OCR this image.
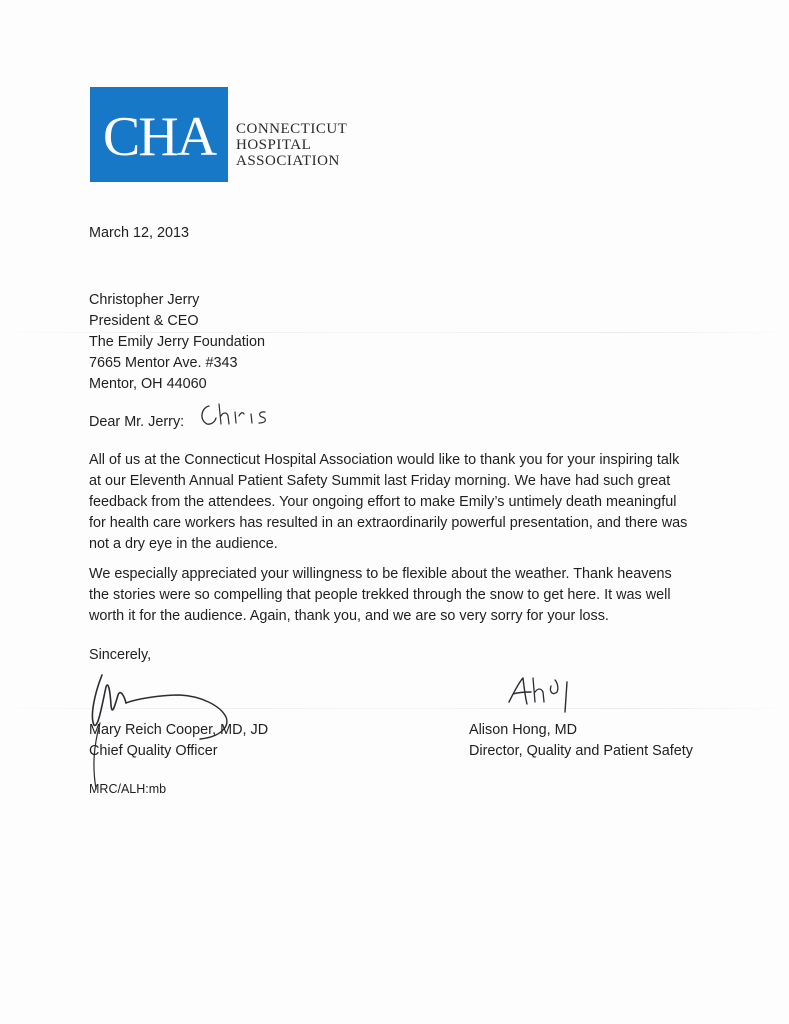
CHA	CONNECTICUT
HOSPITAL
ASSOCIATION
March 12, 2013
Christopher Jerry
President & CEO
The Emily Jerry Foundation
7665 Mentor Ave. #343
Mentor, OH 44060
Dear Mr. Jerry:
All of us at the Connecticut Hospital Association would like to thank you for your inspiring talk
at our Eleventh Annual Patient Safety Summit last Friday morning. We have had such great
feedback from the attendees. Your ongoing effort to make Emily’s untimely death meaningful
for health care workers has resulted in an extraordinarily powerful presentation, and there was
not a dry eye in the audience.
We especially appreciated your willingness to be flexible about the weather. Thank heavens
the stories were so compelling that people trekked through the snow to get here. It was well
worth it for the audience. Again, thank you, and we are so very sorry for your loss.
Sincerely,
Mary Reich Cooper, MD, JD
Chief Quality Officer
Alison Hong, MD
Director, Quality and Patient Safety
MRC/ALH:mb
